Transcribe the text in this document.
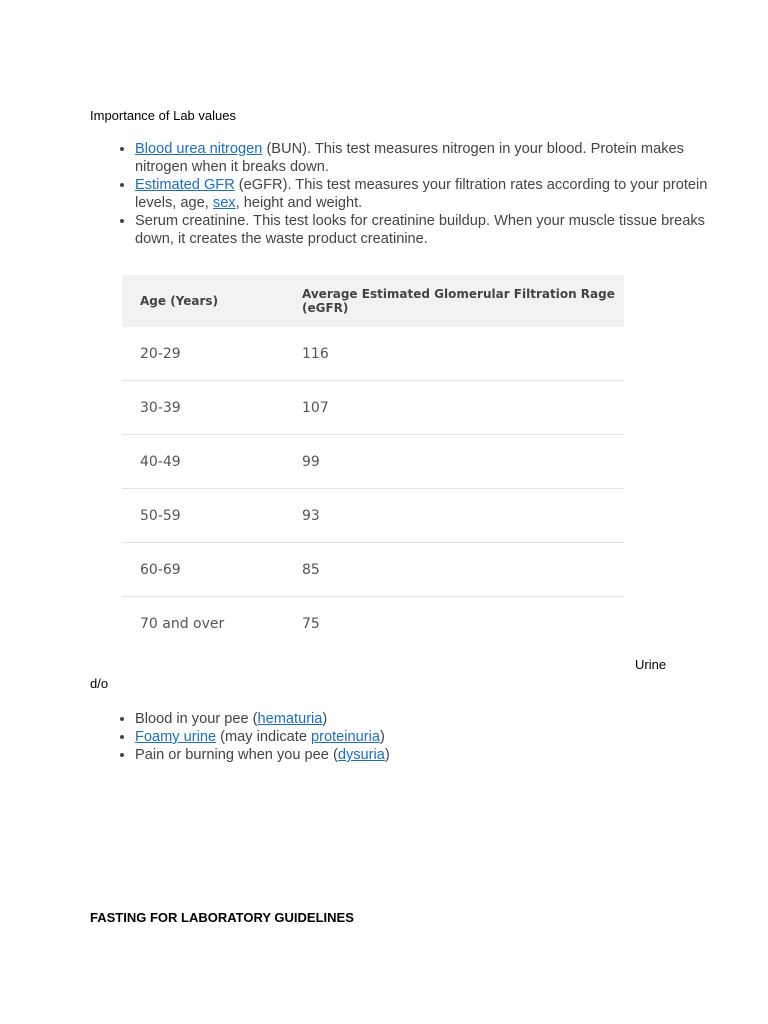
Importance of Lab values
• Blood urea nitrogen (BUN). This test measures nitrogen in your blood. Protein makes nitrogen when it breaks down.
• Estimated GFR (eGFR). This test measures your filtration rates according to your protein levels, age, sex, height and weight.
• Serum creatinine. This test looks for creatinine buildup. When your muscle tissue breaks down, it creates the waste product creatinine.
Age (Years)	Average Estimated Glomerular Filtration Rage (eGFR)
20-29	116
30-39	107
40-49	99
50-59	93
60-69	85
70 and over	75
Urine
d/o
• Blood in your pee (hematuria)
• Foamy urine (may indicate proteinuria)
• Pain or burning when you pee (dysuria)
FASTING FOR LABORATORY GUIDELINES
